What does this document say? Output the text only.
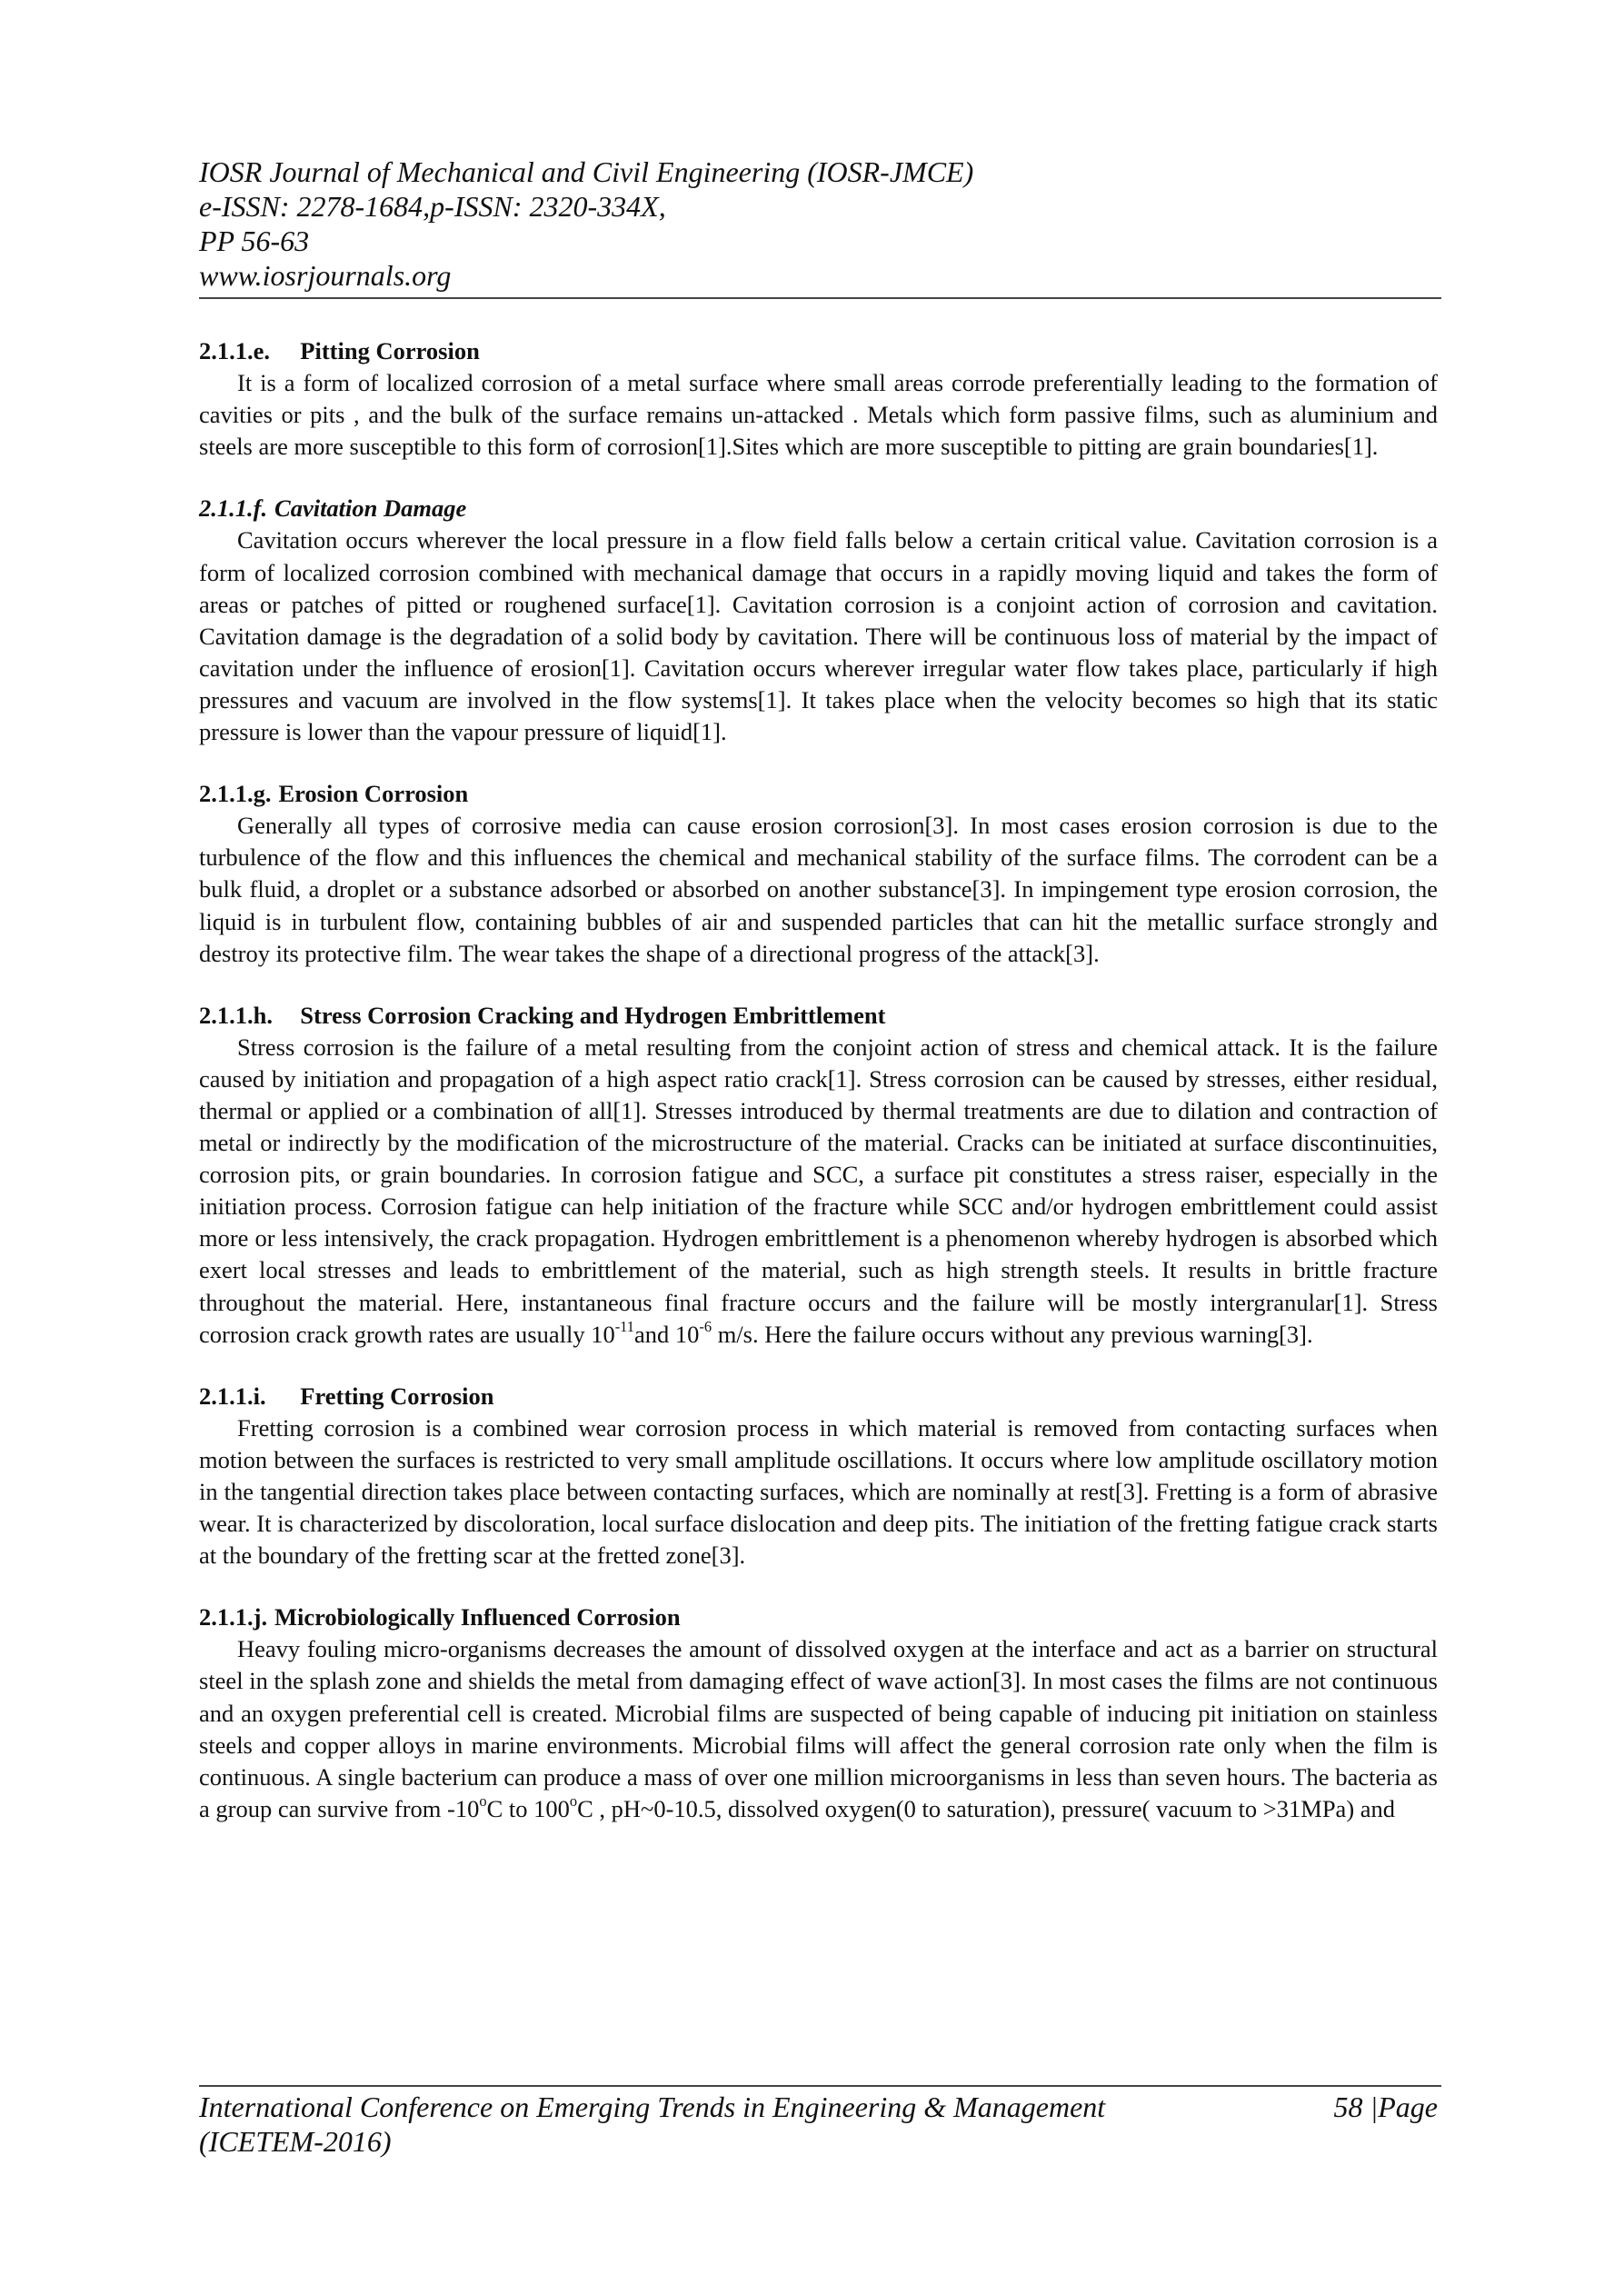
IOSR Journal of Mechanical and Civil Engineering (IOSR-JMCE)
e-ISSN: 2278-1684,p-ISSN: 2320-334X,
PP 56-63
www.iosrjournals.org

2.1.1.e. Pitting Corrosion

It is a form of localized corrosion of a metal surface where small areas corrode preferentially leading to the formation of cavities or pits , and the bulk of the surface remains un-attacked . Metals which form passive films, such as aluminium and steels are more susceptible to this form of corrosion[1].Sites which are more susceptible to pitting are grain boundaries[1].

2.1.1.f. Cavitation Damage

Cavitation occurs wherever the local pressure in a flow field falls below a certain critical value. Cavitation corrosion is a form of localized corrosion combined with mechanical damage that occurs in a rapidly moving liquid and takes the form of areas or patches of pitted or roughened surface[1]. Cavitation corrosion is a conjoint action of corrosion and cavitation. Cavitation damage is the degradation of a solid body by cavitation. There will be continuous loss of material by the impact of cavitation under the influence of erosion[1]. Cavitation occurs wherever irregular water flow takes place, particularly if high pressures and vacuum are involved in the flow systems[1]. It takes place when the velocity becomes so high that its static pressure is lower than the vapour pressure of liquid[1].

2.1.1.g. Erosion Corrosion

Generally all types of corrosive media can cause erosion corrosion[3]. In most cases erosion corrosion is due to the turbulence of the flow and this influences the chemical and mechanical stability of the surface films. The corrodent can be a bulk fluid, a droplet or a substance adsorbed or absorbed on another substance[3]. In impingement type erosion corrosion, the liquid is in turbulent flow, containing bubbles of air and suspended particles that can hit the metallic surface strongly and destroy its protective film. The wear takes the shape of a directional progress of the attack[3].

2.1.1.h. Stress Corrosion Cracking and Hydrogen Embrittlement

Stress corrosion is the failure of a metal resulting from the conjoint action of stress and chemical attack. It is the failure caused by initiation and propagation of a high aspect ratio crack[1]. Stress corrosion can be caused by stresses, either residual, thermal or applied or a combination of all[1]. Stresses introduced by thermal treatments are due to dilation and contraction of metal or indirectly by the modification of the microstructure of the material. Cracks can be initiated at surface discontinuities, corrosion pits, or grain boundaries. In corrosion fatigue and SCC, a surface pit constitutes a stress raiser, especially in the initiation process. Corrosion fatigue can help initiation of the fracture while SCC and/or hydrogen embrittlement could assist more or less intensively, the crack propagation. Hydrogen embrittlement is a phenomenon whereby hydrogen is absorbed which exert local stresses and leads to embrittlement of the material, such as high strength steels. It results in brittle fracture throughout the material. Here, instantaneous final fracture occurs and the failure will be mostly intergranular[1]. Stress corrosion crack growth rates are usually $10^{-11}and$ $10^{-6}$ m/s. Here the failure occurs without any previous warning[3].

2.1.1.i. Fretting Corrosion

Fretting corrosion is a combined wear corrosion process in which material is removed from contacting surfaces when motion between the surfaces is restricted to very small amplitude oscillations. It occurs where low amplitude oscillatory motion in the tangential direction takes place between contacting surfaces, which are nominally at rest[3]. Fretting is a form of abrasive wear. It is characterized by discoloration, local surface dislocation and deep pits. The initiation of the fretting fatigue crack starts at the boundary of the fretting scar at the fretted zone[3].

2.1.1.j. Microbiologically Influenced Corrosion

Heavy fouling micro-organisms decreases the amount of dissolved oxygen at the interface and act as a barrier on structural steel in the splash zone and shields the metal from damaging effect of wave action[3]. In most cases the films are not continuous and an oxygen preferential cell is created. Microbial films are suspected of being capable of inducing pit initiation on stainless steels and copper alloys in marine environments. Microbial films will affect the general corrosion rate only when the film is continuous. A single bacterium can produce a mass of over one million microorganisms in less than seven hours. The bacteria as a group can survive from -10$^o$C to 100$^o$C , pH~0-10.5, dissolved oxygen(0 to saturation), pressure( vacuum to >31MPa) and

International Conference on Emerging Trends in Engineering & Management
(ICETEM-2016)
58 |Page
